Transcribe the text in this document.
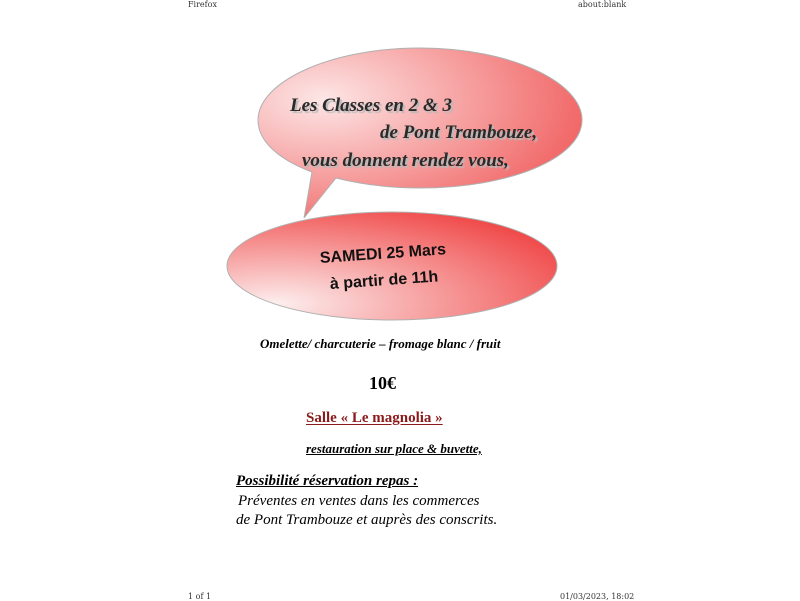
Firefox	about:blank
Les Classes en 2 & 3
de Pont Trambouze,
vous donnent rendez vous,
SAMEDI 25 Mars
à partir de 11h
Omelette/ charcuterie – fromage blanc / fruit
10€
Salle « Le magnolia »
restauration sur place & buvette,
Possibilité réservation repas :
Préventes en ventes dans les commerces
de Pont Trambouze et auprès des conscrits.
1 of 1	01/03/2023, 18:02
